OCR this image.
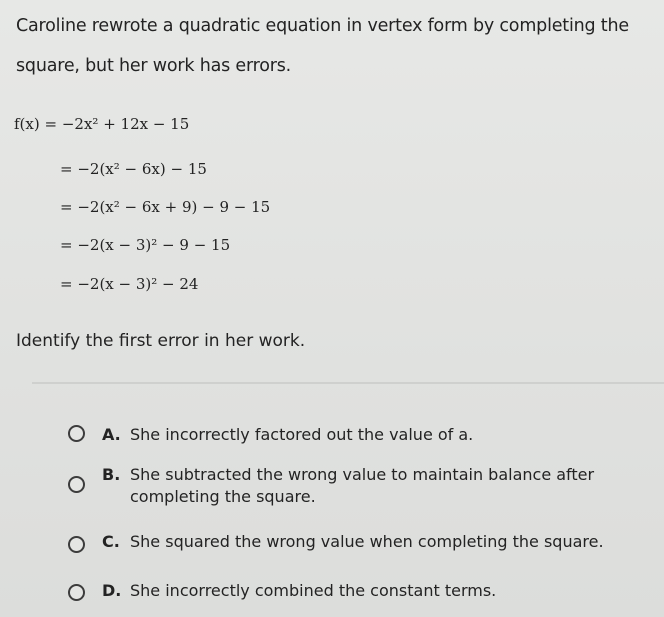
Caroline rewrote a quadratic equation in vertex form by completing the
square, but her work has errors.
f(x) = −2x² + 12x − 15
= −2(x² − 6x) − 15
= −2(x² − 6x + 9) − 9 − 15
= −2(x − 3)² − 9 − 15
= −2(x − 3)² − 24
Identify the first error in her work.
A. She incorrectly factored out the value of a.
B. She subtracted the wrong value to maintain balance after completing the square.
C. She squared the wrong value when completing the square.
D. She incorrectly combined the constant terms.
